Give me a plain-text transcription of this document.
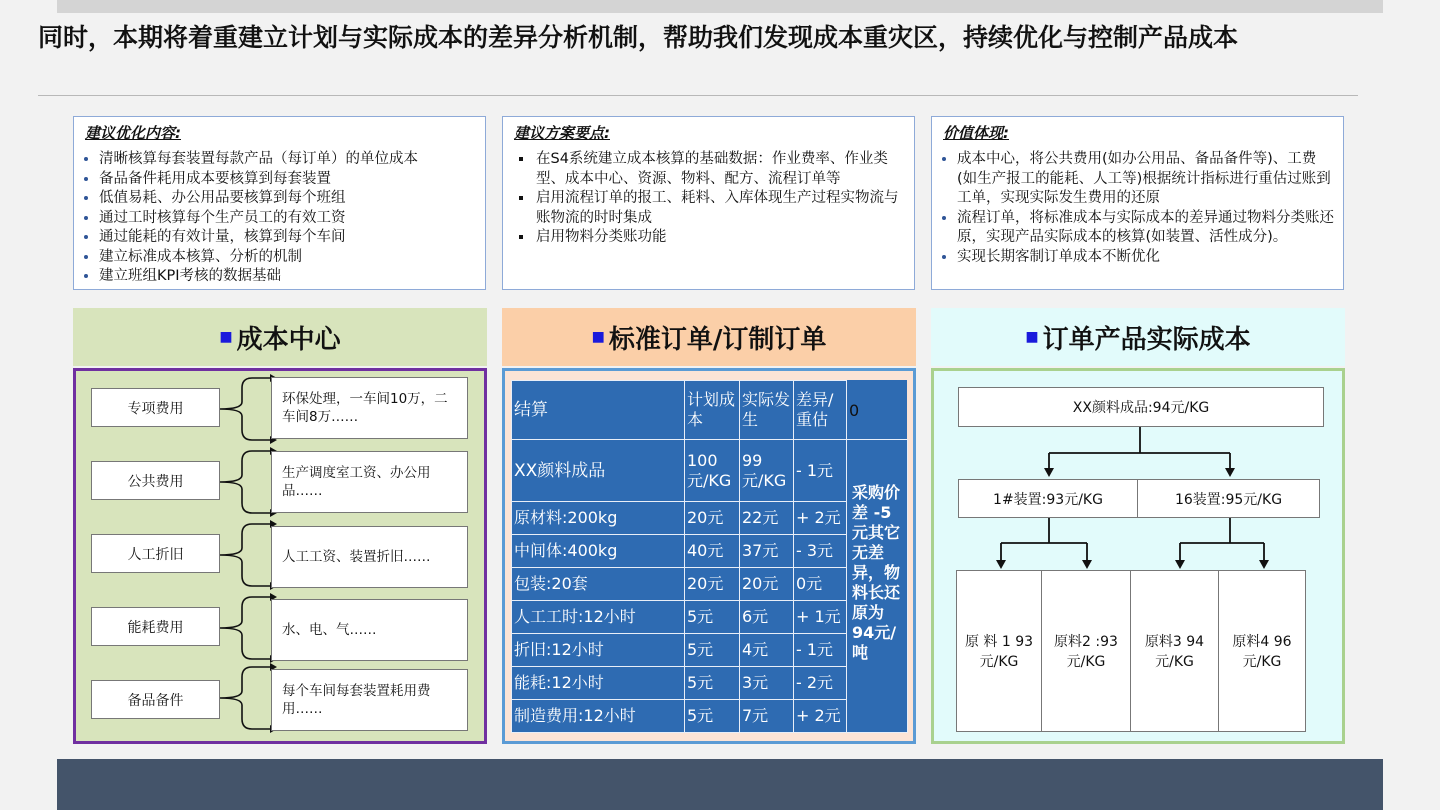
同时，本期将着重建立计划与实际成本的差异分析机制，帮助我们发现成本重灾区，持续优化与控制产品成本
建议优化内容:
• 清晰核算每套装置每款产品（每订单）的单位成本
• 备品备件耗用成本要核算到每套装置
• 低值易耗、办公用品要核算到每个班组
• 通过工时核算每个生产员工的有效工资
• 通过能耗的有效计量，核算到每个车间
• 建立标准成本核算、分析的机制
• 建立班组KPI考核的数据基础
建议方案要点:
▪ 在S4系统建立成本核算的基础数据：作业费率、作业类型、成本中心、资源、物料、配方、流程订单等
▪ 启用流程订单的报工、耗料、入库体现生产过程实物流与账物流的时时集成
▪ 启用物料分类账功能
价值体现:
• 成本中心，将公共费用(如办公用品、备品备件等)、工费(如生产报工的能耗、人工等)根据统计指标进行重估过账到工单，实现实际发生费用的还原
• 流程订单，将标准成本与实际成本的差异通过物料分类账还原，实现产品实际成本的核算(如装置、活性成分)。
• 实现长期客制订单成本不断优化
■ 成本中心	■ 标准订单/订制订单	■ 订单产品实际成本
专项费用
环保处理，一车间10万，二车间8万……
公共费用
生产调度室工资、办公用品……
人工折旧	人工工资、装置折旧……
能耗费用	水、电、气……
备品备件
每个车间每套装置耗用费用……
结算	计划成本	实际发生	差异/重估	0
XX颜料成品	100元/KG	99元/KG	- 1元	
原材料:200kg	20元	22元	+ 2元	
中间体:400kg	40元	37元	- 3元	
包装:20套	20元	20元	0元	
人工工时:12小时	5元	6元	+ 1元	
折旧:12小时	5元	4元	- 1元	
能耗:12小时	5元	3元	- 2元	
制造费用:12小时	5元	7元	+ 2元	
采购价差 -5元其它无差异，物料长还原为94元/吨
XX颜料成品:94元/KG
1#装置:93元/KG	16装置:95元/KG
原 料 1 93元/KG
原料2 :93元/KG
原料3 94元/KG
原料4 96元/KG
